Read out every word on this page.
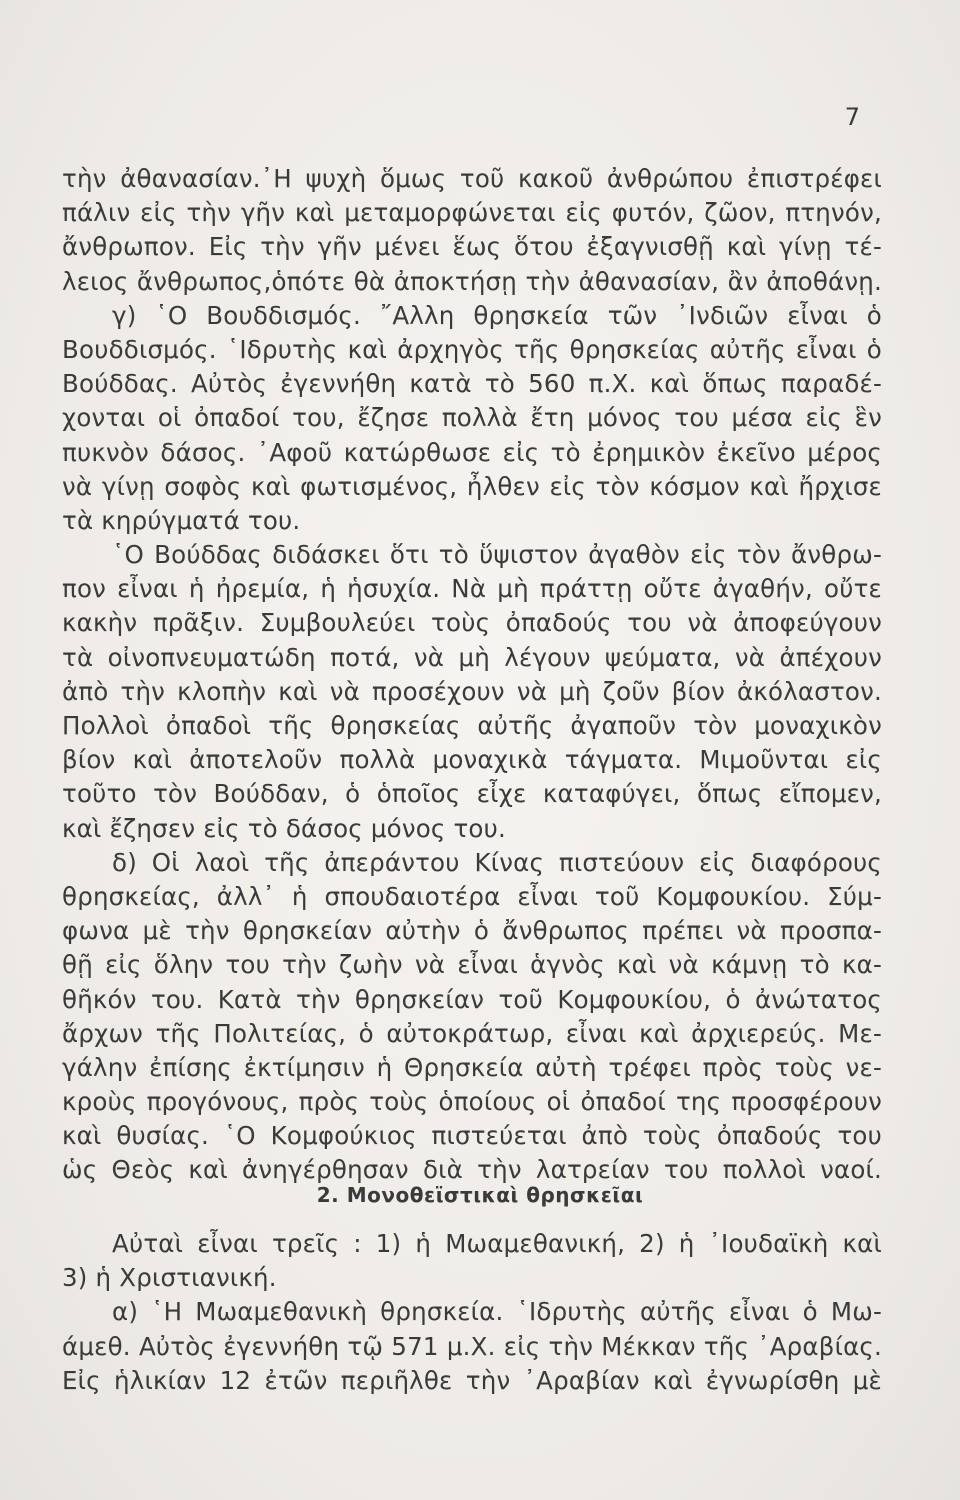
7
τὴν ἀθανασίαν.᾿Η ψυχὴ ὅμως τοῦ κακοῦ ἀνθρώπου ἐπιστρέφει
πάλιν εἰς τὴν γῆν καὶ μεταμορφώνεται εἰς φυτόν, ζῶον, πτηνόν,
ἄνθρωπον. Εἰς τὴν γῆν μένει ἕως ὅτου ἐξαγνισθῇ καὶ γίνῃ τέ-
λειος ἄνθρωπος,ὁπότε θὰ ἀποκτήσῃ τὴν ἀθανασίαν, ἂν ἀποθάνῃ.
γ) ῾Ο Βουδδισμός. ῎Αλλη θρησκεία τῶν ᾿Ινδιῶν εἶναι ὁ
Βουδδισμός. ῾Ιδρυτὴς καὶ ἀρχηγὸς τῆς θρησκείας αὐτῆς εἶναι ὁ
Βούδδας. Αὐτὸς ἐγεννήθη κατὰ τὸ 560 π.Χ. καὶ ὅπως παραδέ-
χονται οἱ ὀπαδοί του, ἔζησε πολλὰ ἔτη μόνος του μέσα εἰς ἓν
πυκνὸν δάσος. ᾿Αφοῦ κατώρθωσε εἰς τὸ ἐρημικὸν ἐκεῖνο μέρος
νὰ γίνῃ σοφὸς καὶ φωτισμένος, ἦλθεν εἰς τὸν κόσμον καὶ ἤρχισε
τὰ κηρύγματά του.
῾Ο Βούδδας διδάσκει ὅτι τὸ ὕψιστον ἀγαθὸν εἰς τὸν ἄνθρω-
πον εἶναι ἡ ἠρεμία, ἡ ἡσυχία. Νὰ μὴ πράττῃ οὔτε ἀγαθήν, οὔτε
κακὴν πρᾶξιν. Συμβουλεύει τοὺς ὀπαδούς του νὰ ἀποφεύγουν
τὰ οἰνοπνευματώδη ποτά, νὰ μὴ λέγουν ψεύματα, νὰ ἀπέχουν
ἀπὸ τὴν κλοπὴν καὶ νὰ προσέχουν νὰ μὴ ζοῦν βίον ἀκόλαστον.
Πολλοὶ ὀπαδοὶ τῆς θρησκείας αὐτῆς ἀγαποῦν τὸν μοναχικὸν
βίον καὶ ἀποτελοῦν πολλὰ μοναχικὰ τάγματα. Μιμοῦνται εἰς
τοῦτο τὸν Βούδδαν, ὁ ὁποῖος εἶχε καταφύγει, ὅπως εἴπομεν,
καὶ ἔζησεν εἰς τὸ δάσος μόνος του.
δ) Οἱ λαοὶ τῆς ἀπεράντου Κίνας πιστεύουν εἰς διαφόρους
θρησκείας, ἀλλ᾿ ἡ σπουδαιοτέρα εἶναι τοῦ Κομφουκίου. Σύμ-
φωνα μὲ τὴν θρησκείαν αὐτὴν ὁ ἄνθρωπος πρέπει νὰ προσπα-
θῇ εἰς ὅλην του τὴν ζωὴν νὰ εἶναι ἁγνὸς καὶ νὰ κάμνῃ τὸ κα-
θῆκόν του. Κατὰ τὴν θρησκείαν τοῦ Κομφουκίου, ὁ ἀνώτατος
ἄρχων τῆς Πολιτείας, ὁ αὐτοκράτωρ, εἶναι καὶ ἀρχιερεύς. Με-
γάλην ἐπίσης ἐκτίμησιν ἡ Θρησκεία αὐτὴ τρέφει πρὸς τοὺς νε-
κροὺς προγόνους, πρὸς τοὺς ὁποίους οἱ ὀπαδοί της προσφέρουν
καὶ θυσίας. ῾Ο Κομφούκιος πιστεύεται ἀπὸ τοὺς ὀπαδούς του
ὡς Θεὸς καὶ ἀνηγέρθησαν διὰ τὴν λατρείαν του πολλοὶ ναοί.
2. Μονοθεϊστικαὶ θρησκεῖαι
Αὐταὶ εἶναι τρεῖς : 1) ἡ Μωαμεθανική, 2) ἡ ᾿Ιουδαϊκὴ καὶ
3) ἡ Χριστιανική.
α) ῾Η Μωαμεθανικὴ θρησκεία. ῾Ιδρυτὴς αὐτῆς εἶναι ὁ Μω-
άμεθ. Αὐτὸς ἐγεννήθη τῷ 571 μ.Χ. εἰς τὴν Μέκκαν τῆς ᾿Αραβίας.
Εἰς ἡλικίαν 12 ἐτῶν περιῆλθε τὴν ᾿Αραβίαν καὶ ἐγνωρίσθη μὲ
